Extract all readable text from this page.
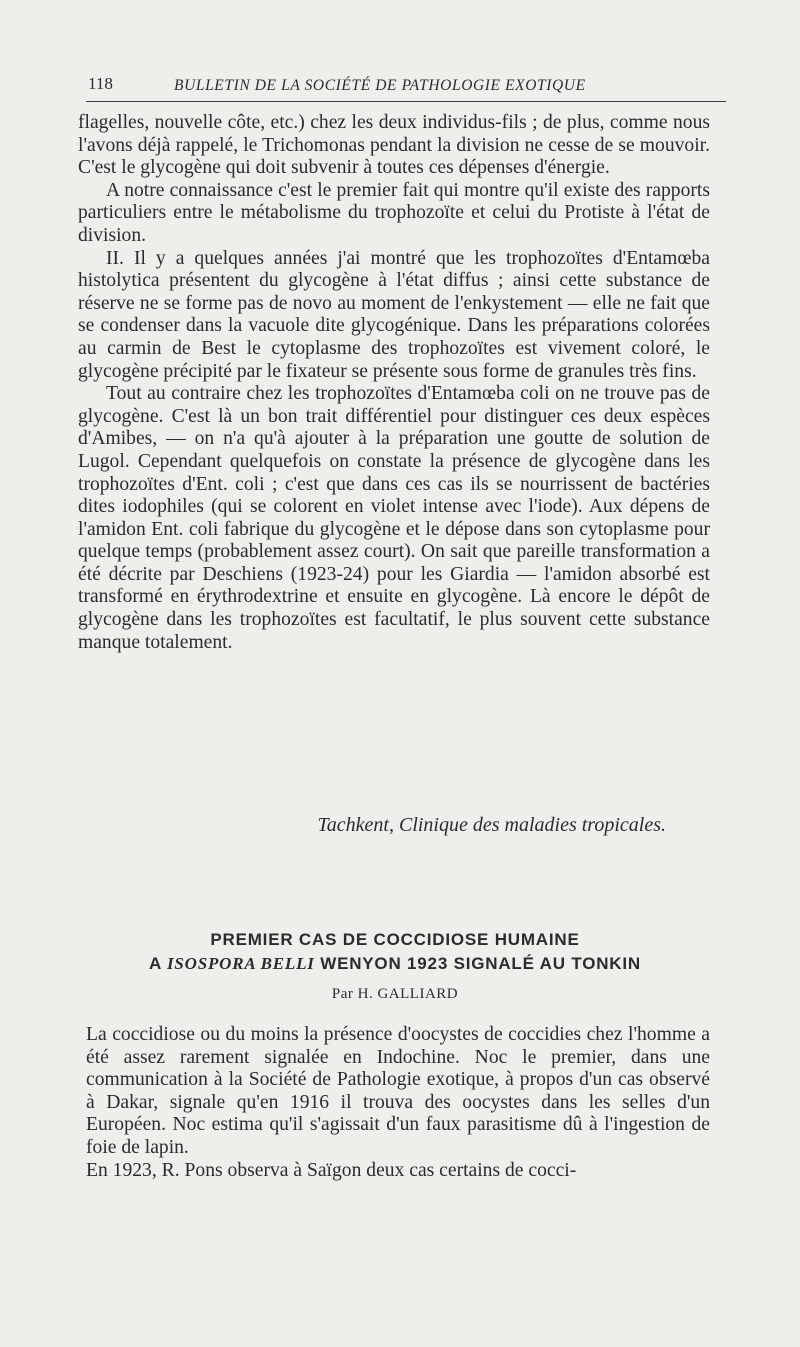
118	BULLETIN DE LA SOCIÉTÉ DE PATHOLOGIE EXOTIQUE

flagelles, nouvelle côte, etc.) chez les deux individus-fils ; de plus, comme nous l'avons déjà rappelé, le Trichomonas pendant la division ne cesse de se mouvoir. C'est le glycogène qui doit subvenir à toutes ces dépenses d'énergie.

A notre connaissance c'est le premier fait qui montre qu'il existe des rapports particuliers entre le métabolisme du trophozoïte et celui du Protiste à l'état de division.

II. Il y a quelques années j'ai montré que les trophozoïtes d'Entamœba histolytica présentent du glycogène à l'état diffus ; ainsi cette substance de réserve ne se forme pas de novo au moment de l'enkystement — elle ne fait que se condenser dans la vacuole dite glycogénique. Dans les préparations colorées au carmin de Best le cytoplasme des trophozoïtes est vivement coloré, le glycogène précipité par le fixateur se présente sous forme de granules très fins.

Tout au contraire chez les trophozoïtes d'Entamœba coli on ne trouve pas de glycogène. C'est là un bon trait différentiel pour distinguer ces deux espèces d'Amibes, — on n'a qu'à ajouter à la préparation une goutte de solution de Lugol. Cependant quelquefois on constate la présence de glycogène dans les trophozoïtes d'Ent. coli ; c'est que dans ces cas ils se nourrissent de bactéries dites iodophiles (qui se colorent en violet intense avec l'iode). Aux dépens de l'amidon Ent. coli fabrique du glycogène et le dépose dans son cytoplasme pour quelque temps (probablement assez court). On sait que pareille transformation a été décrite par Deschiens (1923-24) pour les Giardia — l'amidon absorbé est transformé en érythrodextrine et ensuite en glycogène. Là encore le dépôt de glycogène dans les trophozoïtes est facultatif, le plus souvent cette substance manque totalement.

Tachkent, Clinique des maladies tropicales.
PREMIER CAS DE COCCIDIOSE HUMAINE
A ISOSPORA BELLI WENYON 1923 SIGNALÉ AU TONKIN
Par H. GALLIARD

La coccidiose ou du moins la présence d'oocystes de coccidies chez l'homme a été assez rarement signalée en Indochine. Noc le premier, dans une communication à la Société de Pathologie exotique, à propos d'un cas observé à Dakar, signale qu'en 1916 il trouva des oocystes dans les selles d'un Européen. Noc estima qu'il s'agissait d'un faux parasitisme dû à l'ingestion de foie de lapin.

En 1923, R. Pons observa à Saïgon deux cas certains de cocci-
